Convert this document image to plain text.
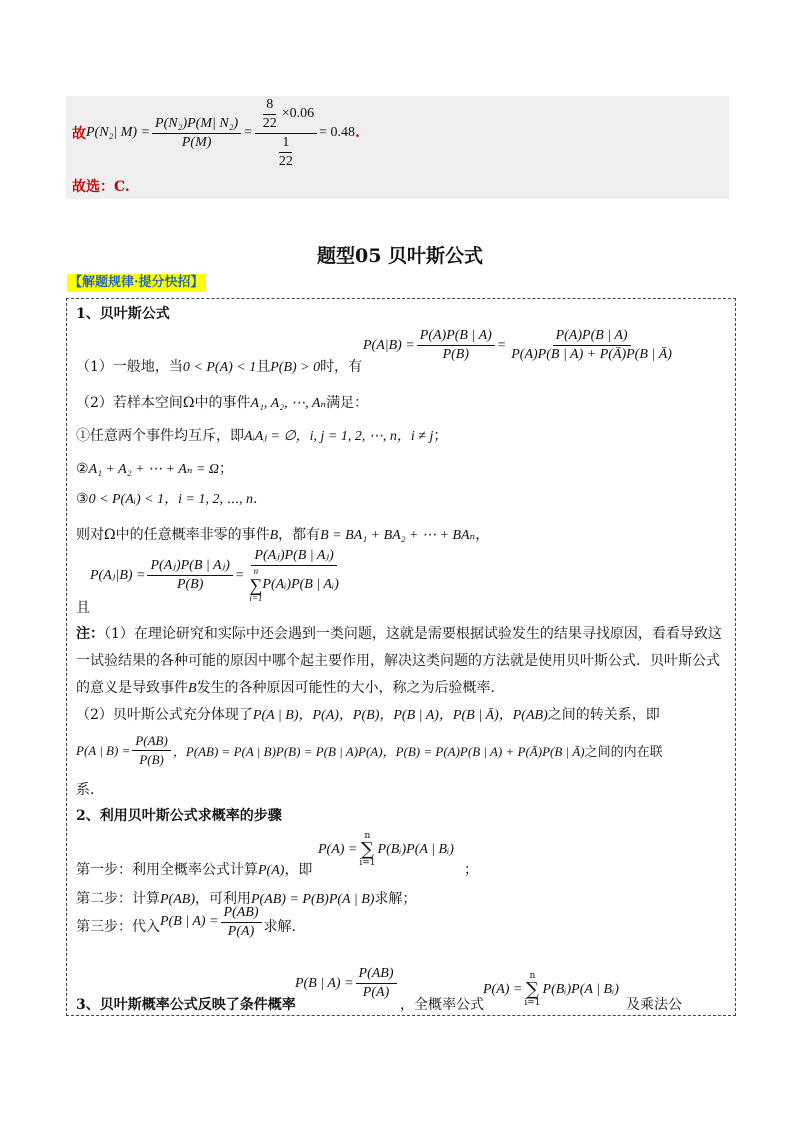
故 P(N₂| $M) = \frac{\text{P(N₂)P(M| N₂)}}{P(M)} = \frac{\frac{8}{22} \times 0.06}{\frac{1}{22}} = 0.48$ .
故选：C.
题型05 贝叶斯公式
【解题规律·提分快招】
1、贝叶斯公式
$P(A|B) = \frac{P(A)P(B | A)}{P(B)} = \frac{P(A)P(B | A)}{P(A)P(B | A) + P(Ā)P(B | Ā)}$
（1）一般地，当0 < P(A) < 1且P(B) > 0时，有
（2）若样本空间Ω中的事件A₁, A₂, ⋯, Aₙ满足：
①任意两个事件均互斥，即AᵢAⱼ = ∅，i, j = 1, 2, ⋯, n，i ≠ j；
②A₁ + A₂ + ⋯ + Aₙ = Ω；
③0 < P(Aᵢ) < 1，i = 1, 2, ⋯, n.
则对Ω中的任意概率非零的事件B，都有B = BA₁ + BA₂ + ⋯ + BAₙ，
P(Aⱼ|B) = $\frac{\text{P(Aⱼ)P(B | Aⱼ)}}{P(B)}$ = P(Aⱼ)P(B | Aⱼ)
n
∑
i=1
P(Aᵢ)P(B | Aᵢ)
且
注：（1）在理论研究和实际中还会遇到一类问题，这就是需要根据试验发生的结果寻找原因，看看导致这一试验结果的各种可能的原因中哪个起主要作用，解决这类问题的方法就是使用贝叶斯公式．贝叶斯公式的意义是导致事件B发生的各种原因可能性的大小，称之为后验概率．
（2）贝叶斯公式充分体现了P(A | B)，P(A)，P(B)，P(B | A)，P(B | Ā)，P(AB)之间的转关系，即
P(A | $B) = \frac{P(AB)}{P(B)}$ ，P(AB) = P(A | B)P(B) = P(B | A)P(A) ，P(B) = P(A)P(B | A) + P(Ā)P(B | Ā) 之间的内在联
系．
2、利用贝叶斯公式求概率的步骤
P(A) =
n
∑
i=1
P(Bᵢ)P(A | Bᵢ)
第一步：利用全概率公式计算P(A)，即	；
第二步：计算P(AB)，可利用P(AB) = P(B)P(A | B)求解；
第三步：代入 P(B | $A) = \frac{P(AB)}{P(A)}$ 求解．
P(B | $A) = \frac{P(AB)}{P(A)}$	P(A) =
n
∑
i=1
P(Bᵢ)P(A | Bᵢ)
3、贝叶斯概率公式反映了条件概率	，全概率公式	及乘法公
